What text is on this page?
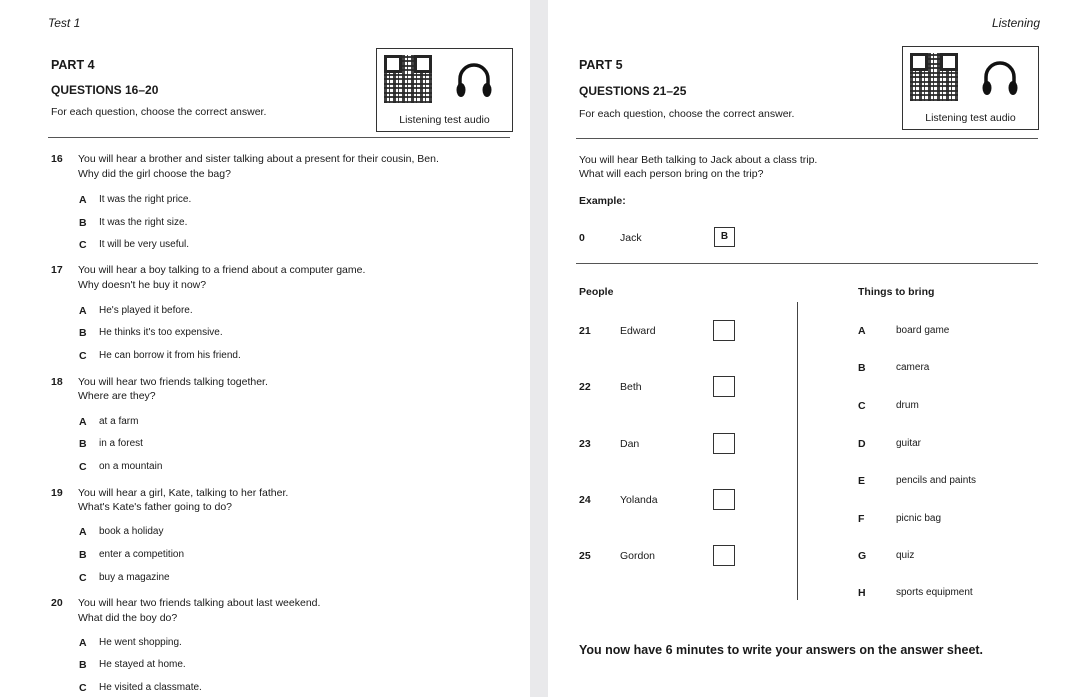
Test 1
PART 4
QUESTIONS 16–20
For each question, choose the correct answer.
Listening test audio
16 You will hear a brother and sister talking about a present for their cousin, Ben.
Why did the girl choose the bag?
A It was the right price.
B It was the right size.
C It will be very useful.
17 You will hear a boy talking to a friend about a computer game.
Why doesn't he buy it now?
A He's played it before.
B He thinks it's too expensive.
C He can borrow it from his friend.
18 You will hear two friends talking together.
Where are they?
A at a farm
B in a forest
C on a mountain
19 You will hear a girl, Kate, talking to her father.
What's Kate's father going to do?
A book a holiday
B enter a competition
C buy a magazine
20 You will hear two friends talking about last weekend.
What did the boy do?
A He went shopping.
B He stayed at home.
C He visited a classmate.
Listening
PART 5
QUESTIONS 21–25
For each question, choose the correct answer.	Listening test audio
You will hear Beth talking to Jack about a class trip.
What will each person bring on the trip?
Example:
0	Jack	B
People	Things to bring
21	Edward
22	Beth
23	Dan
24	Yolanda
25	Gordon
A	board game
B	camera
C	drum
D	guitar
E	pencils and paints
F	picnic bag
G	quiz
H	sports equipment
You now have 6 minutes to write your answers on the answer sheet.
